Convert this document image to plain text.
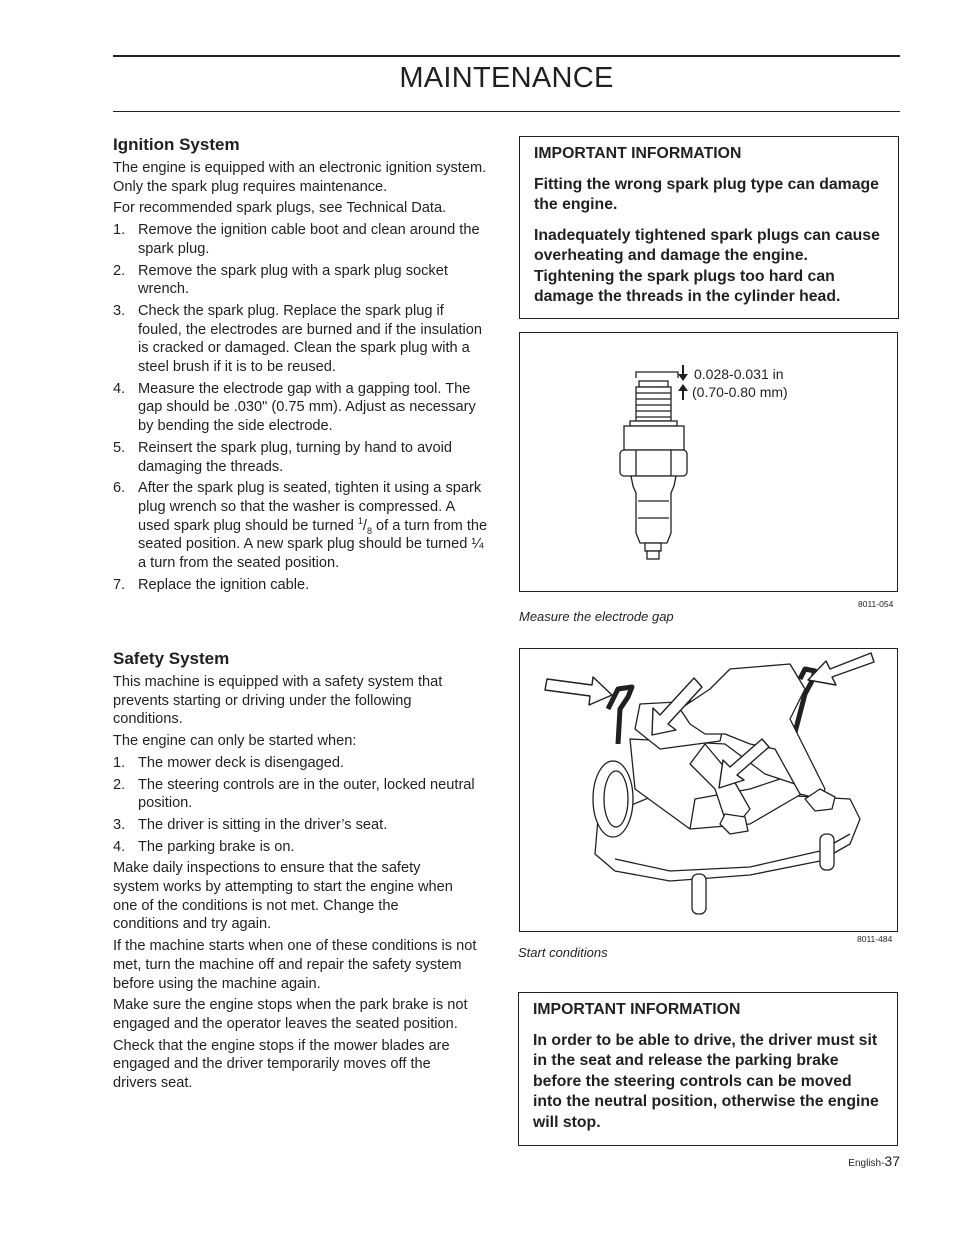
MAINTENANCE
Ignition System

The engine is equipped with an electronic ignition system. Only the spark plug requires maintenance.

For recommended spark plugs, see Technical Data.

1. Remove the ignition cable boot and clean around the spark plug.
2. Remove the spark plug with a spark plug socket wrench.
3. Check the spark plug. Replace the spark plug if fouled, the electrodes are burned and if the insulation is cracked or damaged. Clean the spark plug with a steel brush if it is to be reused.
4. Measure the electrode gap with a gapping tool. The gap should be .030" (0.75 mm). Adjust as necessary by bending the side electrode.
5. Reinsert the spark plug, turning by hand to avoid damaging the threads.
6. After the spark plug is seated, tighten it using a spark plug wrench so that the washer is compressed. A used spark plug should be turned $^1/_8$ of a turn from the seated position. A new spark plug should be turned ¼ a turn from the seated position.
7. Replace the ignition cable.
Safety System

This machine is equipped with a safety system that prevents starting or driving under the following conditions.

The engine can only be started when:

1. The mower deck is disengaged.
2. The steering controls are in the outer, locked neutral position.
3. The driver is sitting in the driver’s seat.
4. The parking brake is on.

Make daily inspections to ensure that the safety system works by attempting to start the engine when one of the conditions is not met. Change the conditions and try again.

If the machine starts when one of these conditions is not met, turn the machine off and repair the safety system before using the machine again.

Make sure the engine stops when the park brake is not engaged and the operator leaves the seated position.

Check that the engine stops if the mower blades are engaged and the driver temporarily moves off the drivers seat.

IMPORTANT INFORMATION

Fitting the wrong spark plug type can damage the engine.

Inadequately tightened spark plugs can cause overheating and damage the engine. Tightening the spark plugs too hard can damage the threads in the cylinder head.

0.028-0.031 in
(0.70-0.80 mm)
8011-054
Measure the electrode gap
8011-484
Start conditions
IMPORTANT INFORMATION

In order to be able to drive, the driver must sit in the seat and release the parking brake before the steering controls can be moved into the neutral position, otherwise the engine will stop.

English-37
